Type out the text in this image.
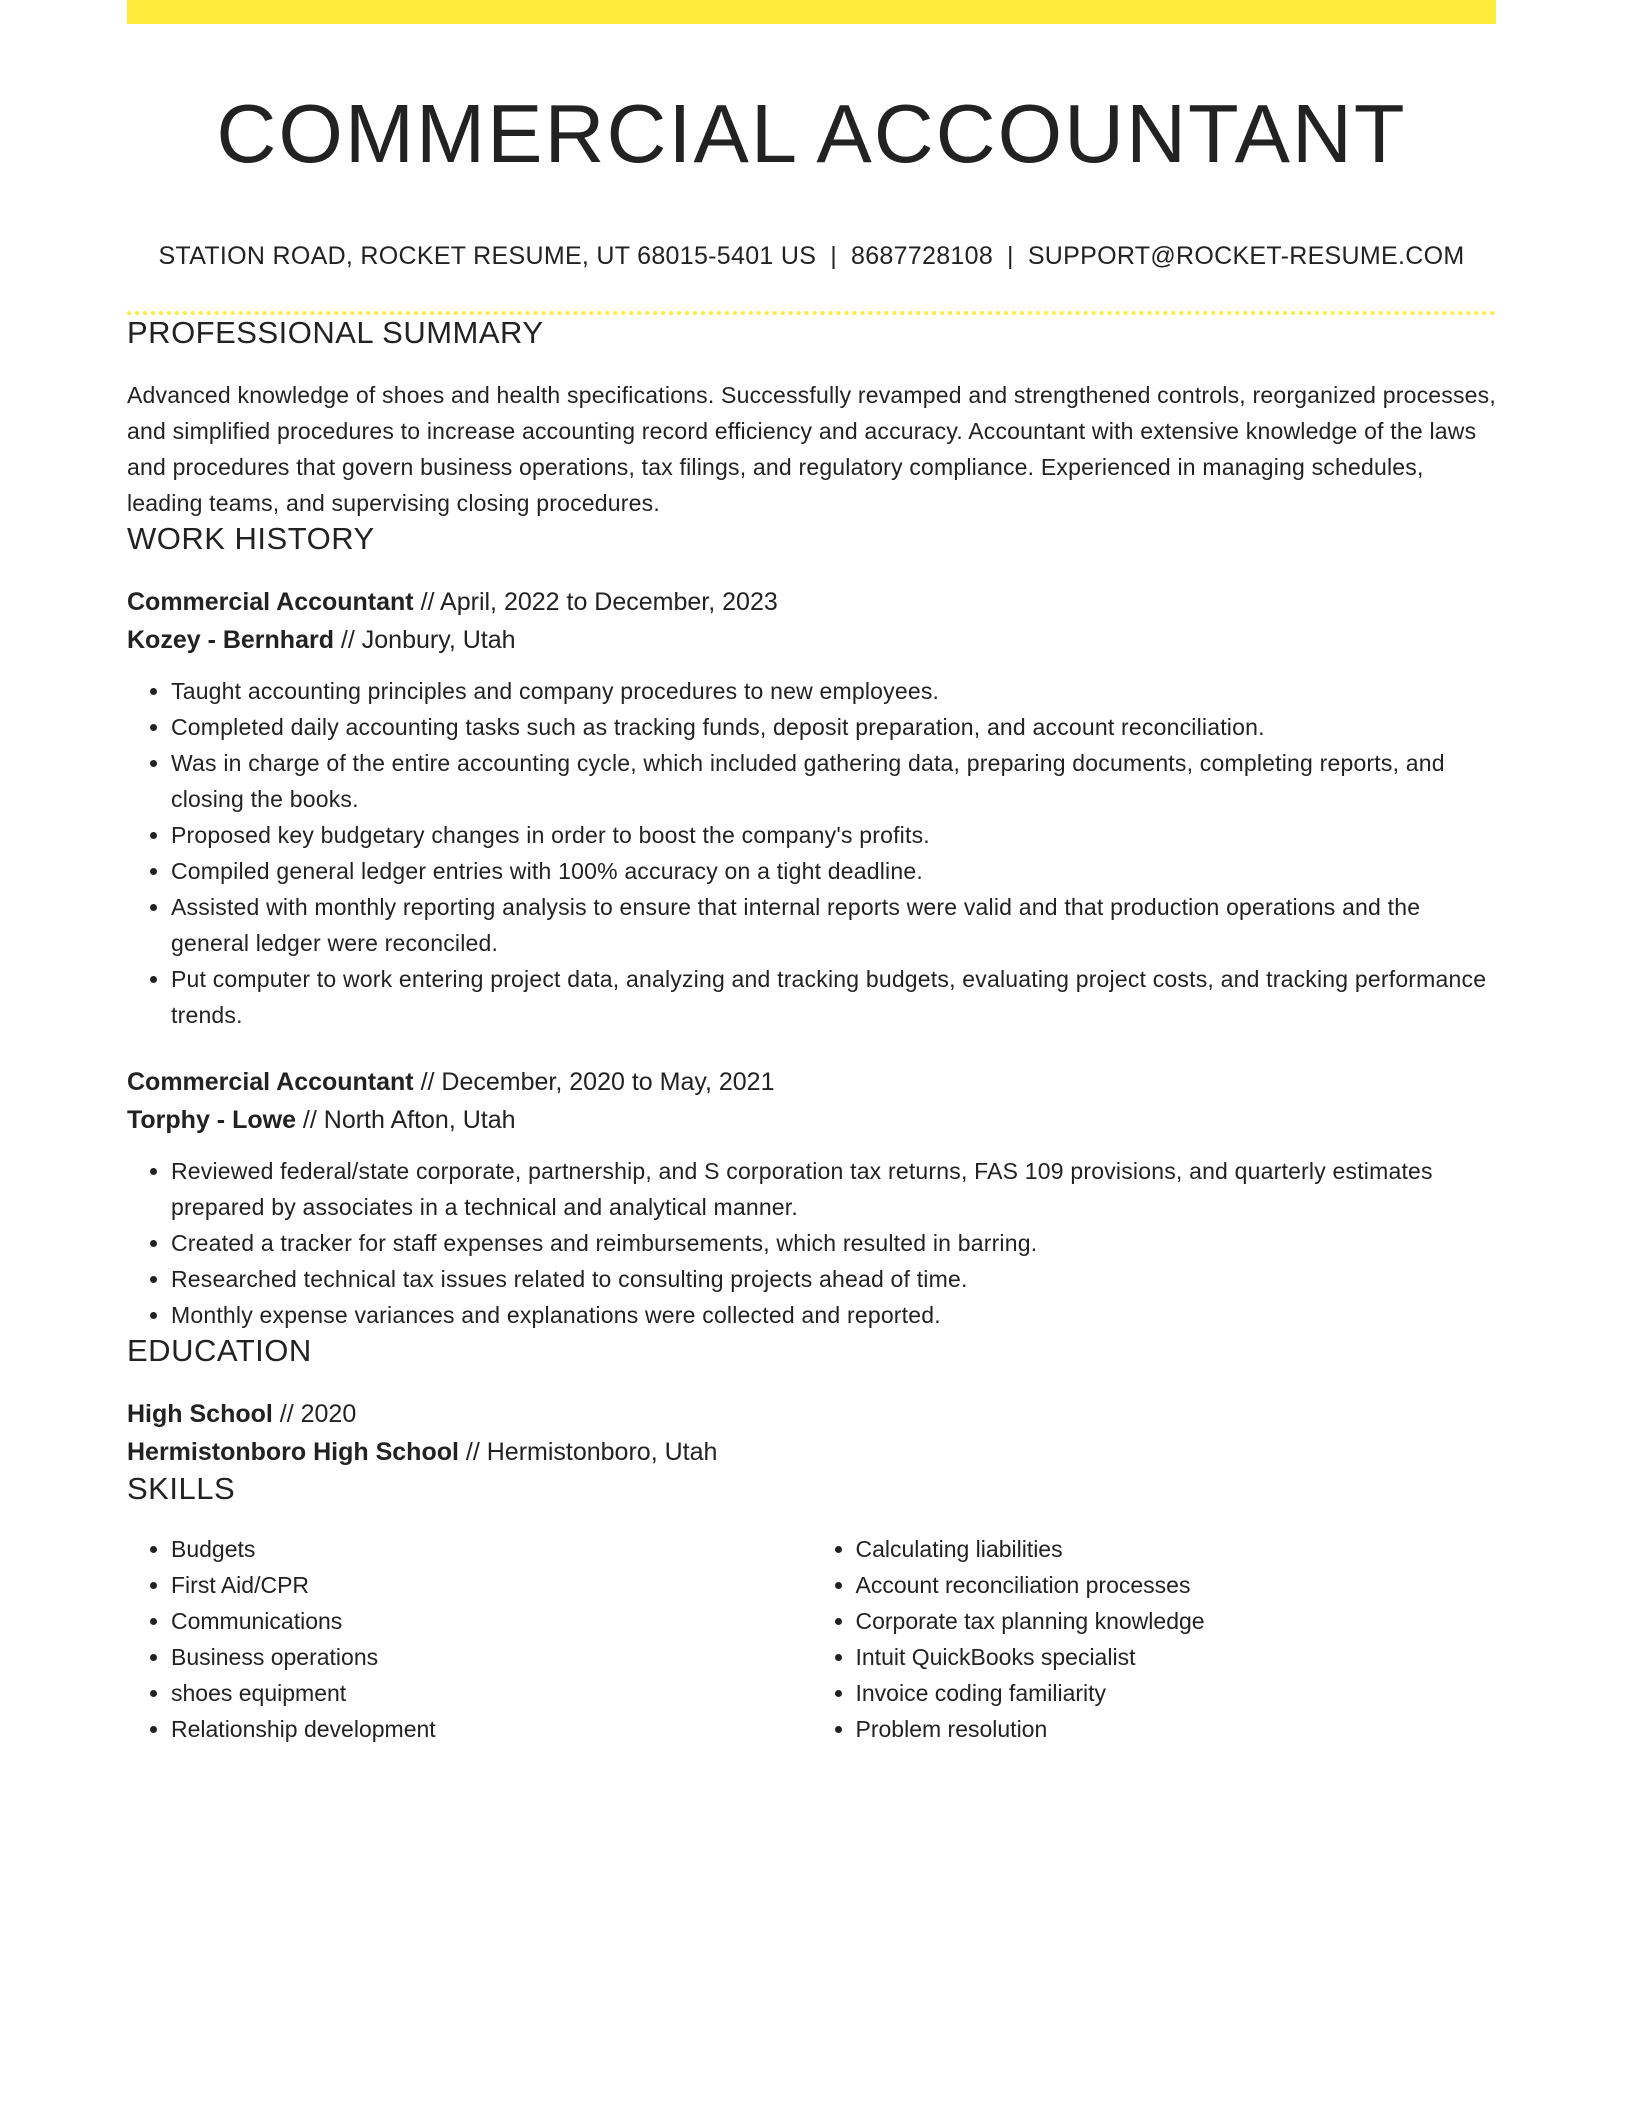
COMMERCIAL ACCOUNTANT
STATION ROAD, ROCKET RESUME, UT 68015-5401 US | 8687728108 | SUPPORT@ROCKET-RESUME.COM
PROFESSIONAL SUMMARY

Advanced knowledge of shoes and health specifications. Successfully revamped and strengthened controls, reorganized processes, and simplified procedures to increase accounting record efficiency and accuracy. Accountant with extensive knowledge of the laws and procedures that govern business operations, tax filings, and regulatory compliance. Experienced in managing schedules, leading teams, and supervising closing procedures.

WORK HISTORY
Commercial Accountant // April, 2022 to December, 2023
Kozey - Bernhard // Jonbury, Utah
• Taught accounting principles and company procedures to new employees.
• Completed daily accounting tasks such as tracking funds, deposit preparation, and account reconciliation.
• Was in charge of the entire accounting cycle, which included gathering data, preparing documents, completing reports, and closing the books.
• Proposed key budgetary changes in order to boost the company's profits.
• Compiled general ledger entries with 100% accuracy on a tight deadline.
• Assisted with monthly reporting analysis to ensure that internal reports were valid and that production operations and the general ledger were reconciled.
• Put computer to work entering project data, analyzing and tracking budgets, evaluating project costs, and tracking performance trends.
Commercial Accountant // December, 2020 to May, 2021
Torphy - Lowe // North Afton, Utah
• Reviewed federal/state corporate, partnership, and S corporation tax returns, FAS 109 provisions, and quarterly estimates prepared by associates in a technical and analytical manner.
• Created a tracker for staff expenses and reimbursements, which resulted in barring.
• Researched technical tax issues related to consulting projects ahead of time.
• Monthly expense variances and explanations were collected and reported.
EDUCATION
High School // 2020
Hermistonboro High School // Hermistonboro, Utah
SKILLS
• Budgets
• First Aid/CPR
• Communications
• Business operations
• shoes equipment
• Relationship development
• Calculating liabilities
• Account reconciliation processes
• Corporate tax planning knowledge
• Intuit QuickBooks specialist
• Invoice coding familiarity
• Problem resolution
